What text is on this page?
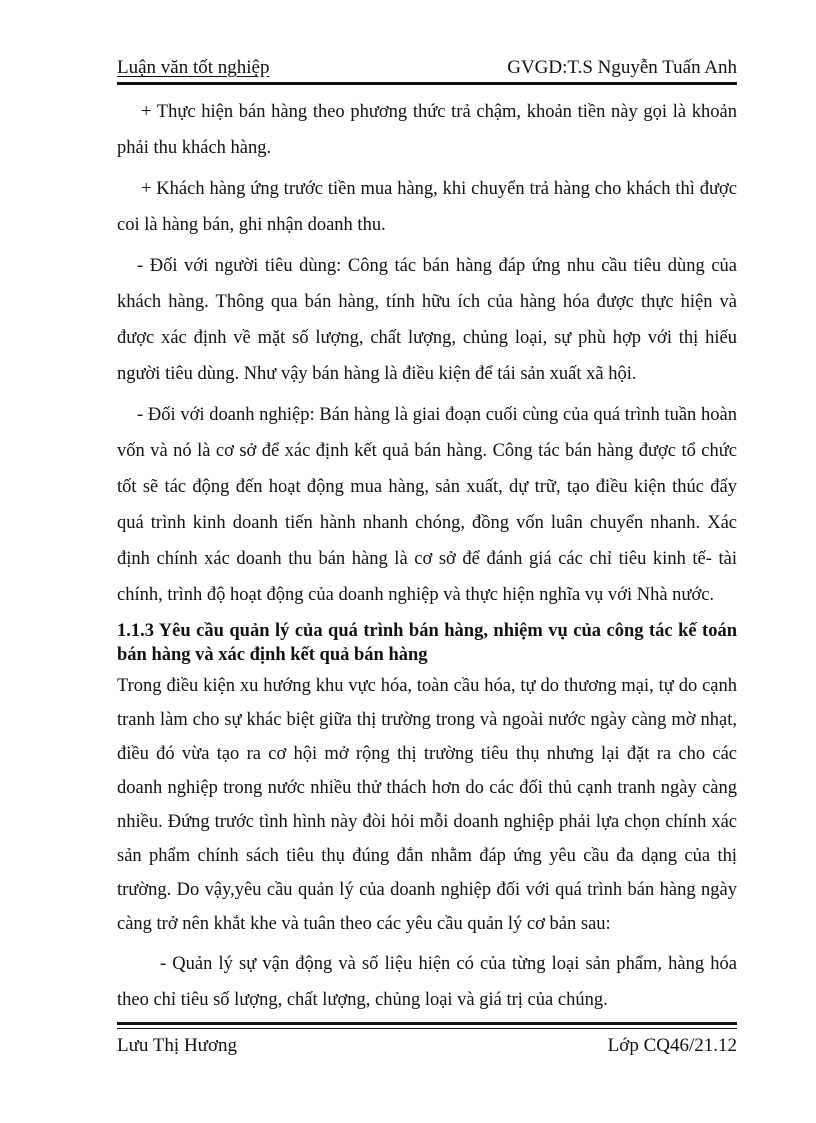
Luận văn tốt nghiệp	GVGD:T.S Nguyễn Tuấn Anh

+ Thực hiện bán hàng theo phương thức trả chậm, khoản tiền này gọi là khoản phải thu khách hàng.

+ Khách hàng ứng trước tiền mua hàng, khi chuyển trả hàng cho khách thì được coi là hàng bán, ghi nhận doanh thu.

- Đối với người tiêu dùng: Công tác bán hàng đáp ứng nhu cầu tiêu dùng của khách hàng. Thông qua bán hàng, tính hữu ích của hàng hóa được thực hiện và được xác định về mặt số lượng, chất lượng, chủng loại, sự phù hợp với thị hiếu người tiêu dùng. Như vậy bán hàng là điều kiện để tái sản xuất xã hội.

- Đối với doanh nghiệp: Bán hàng là giai đoạn cuối cùng của quá trình tuần hoàn vốn và nó là cơ sở để xác định kết quả bán hàng. Công tác bán hàng được tổ chức tốt sẽ tác động đến hoạt động mua hàng, sản xuất, dự trữ, tạo điều kiện thúc đẩy quá trình kinh doanh tiến hành nhanh chóng, đồng vốn luân chuyển nhanh. Xác định chính xác doanh thu bán hàng là cơ sở để đánh giá các chỉ tiêu kinh tế- tài chính, trình độ hoạt động của doanh nghiệp và thực hiện nghĩa vụ với Nhà nước.

1.1.3 Yêu cầu quản lý của quá trình bán hàng, nhiệm vụ của công tác kế toán bán hàng và xác định kết quả bán hàng

Trong điều kiện xu hướng khu vực hóa, toàn cầu hóa, tự do thương mại, tự do cạnh tranh làm cho sự khác biệt giữa thị trường trong và ngoài nước ngày càng mờ nhạt, điều đó vừa tạo ra cơ hội mở rộng thị trường tiêu thụ nhưng lại đặt ra cho các doanh nghiệp trong nước nhiều thử thách hơn do các đối thủ cạnh tranh ngày càng nhiều. Đứng trước tình hình này đòi hỏi mỗi doanh nghiệp phải lựa chọn chính xác sản phẩm chính sách tiêu thụ đúng đắn nhằm đáp ứng yêu cầu đa dạng của thị trường. Do vậy,yêu cầu quản lý của doanh nghiệp đối với quá trình bán hàng ngày càng trở nên khắt khe và tuân theo các yêu cầu quản lý cơ bản sau:

- Quản lý sự vận động và số liệu hiện có của từng loại sản phẩm, hàng hóa theo chỉ tiêu số lượng, chất lượng, chủng loại và giá trị của chúng.

Lưu Thị Hương	Lớp CQ46/21.12
